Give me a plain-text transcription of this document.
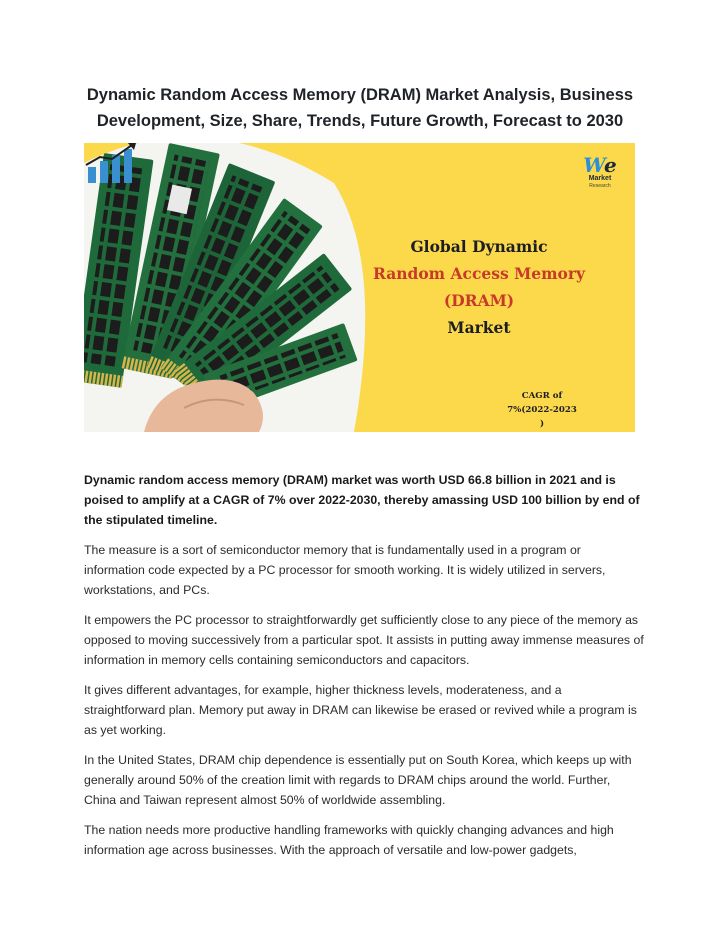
Dynamic Random Access Memory (DRAM) Market Analysis, Business Development, Size, Share, Trends, Future Growth, Forecast to 2030
We
Market
Research
Global Dynamic
Random Access Memory
(DRAM)
Market
CAGR of
7%(2022-2023
)

Dynamic random access memory (DRAM) market was worth USD 66.8 billion in 2021 and is poised to amplify at a CAGR of 7% over 2022-2030, thereby amassing USD 100 billion by end of the stipulated timeline.

The measure is a sort of semiconductor memory that is fundamentally used in a program or information code expected by a PC processor for smooth working. It is widely utilized in servers, workstations, and PCs.

It empowers the PC processor to straightforwardly get sufficiently close to any piece of the memory as opposed to moving successively from a particular spot. It assists in putting away immense measures of information in memory cells containing semiconductors and capacitors.

It gives different advantages, for example, higher thickness levels, moderateness, and a straightforward plan. Memory put away in DRAM can likewise be erased or revived while a program is as yet working.

In the United States, DRAM chip dependence is essentially put on South Korea, which keeps up with generally around 50% of the creation limit with regards to DRAM chips around the world. Further, China and Taiwan represent almost 50% of worldwide assembling.

The nation needs more productive handling frameworks with quickly changing advances and high information age across businesses. With the approach of versatile and low-power gadgets,
